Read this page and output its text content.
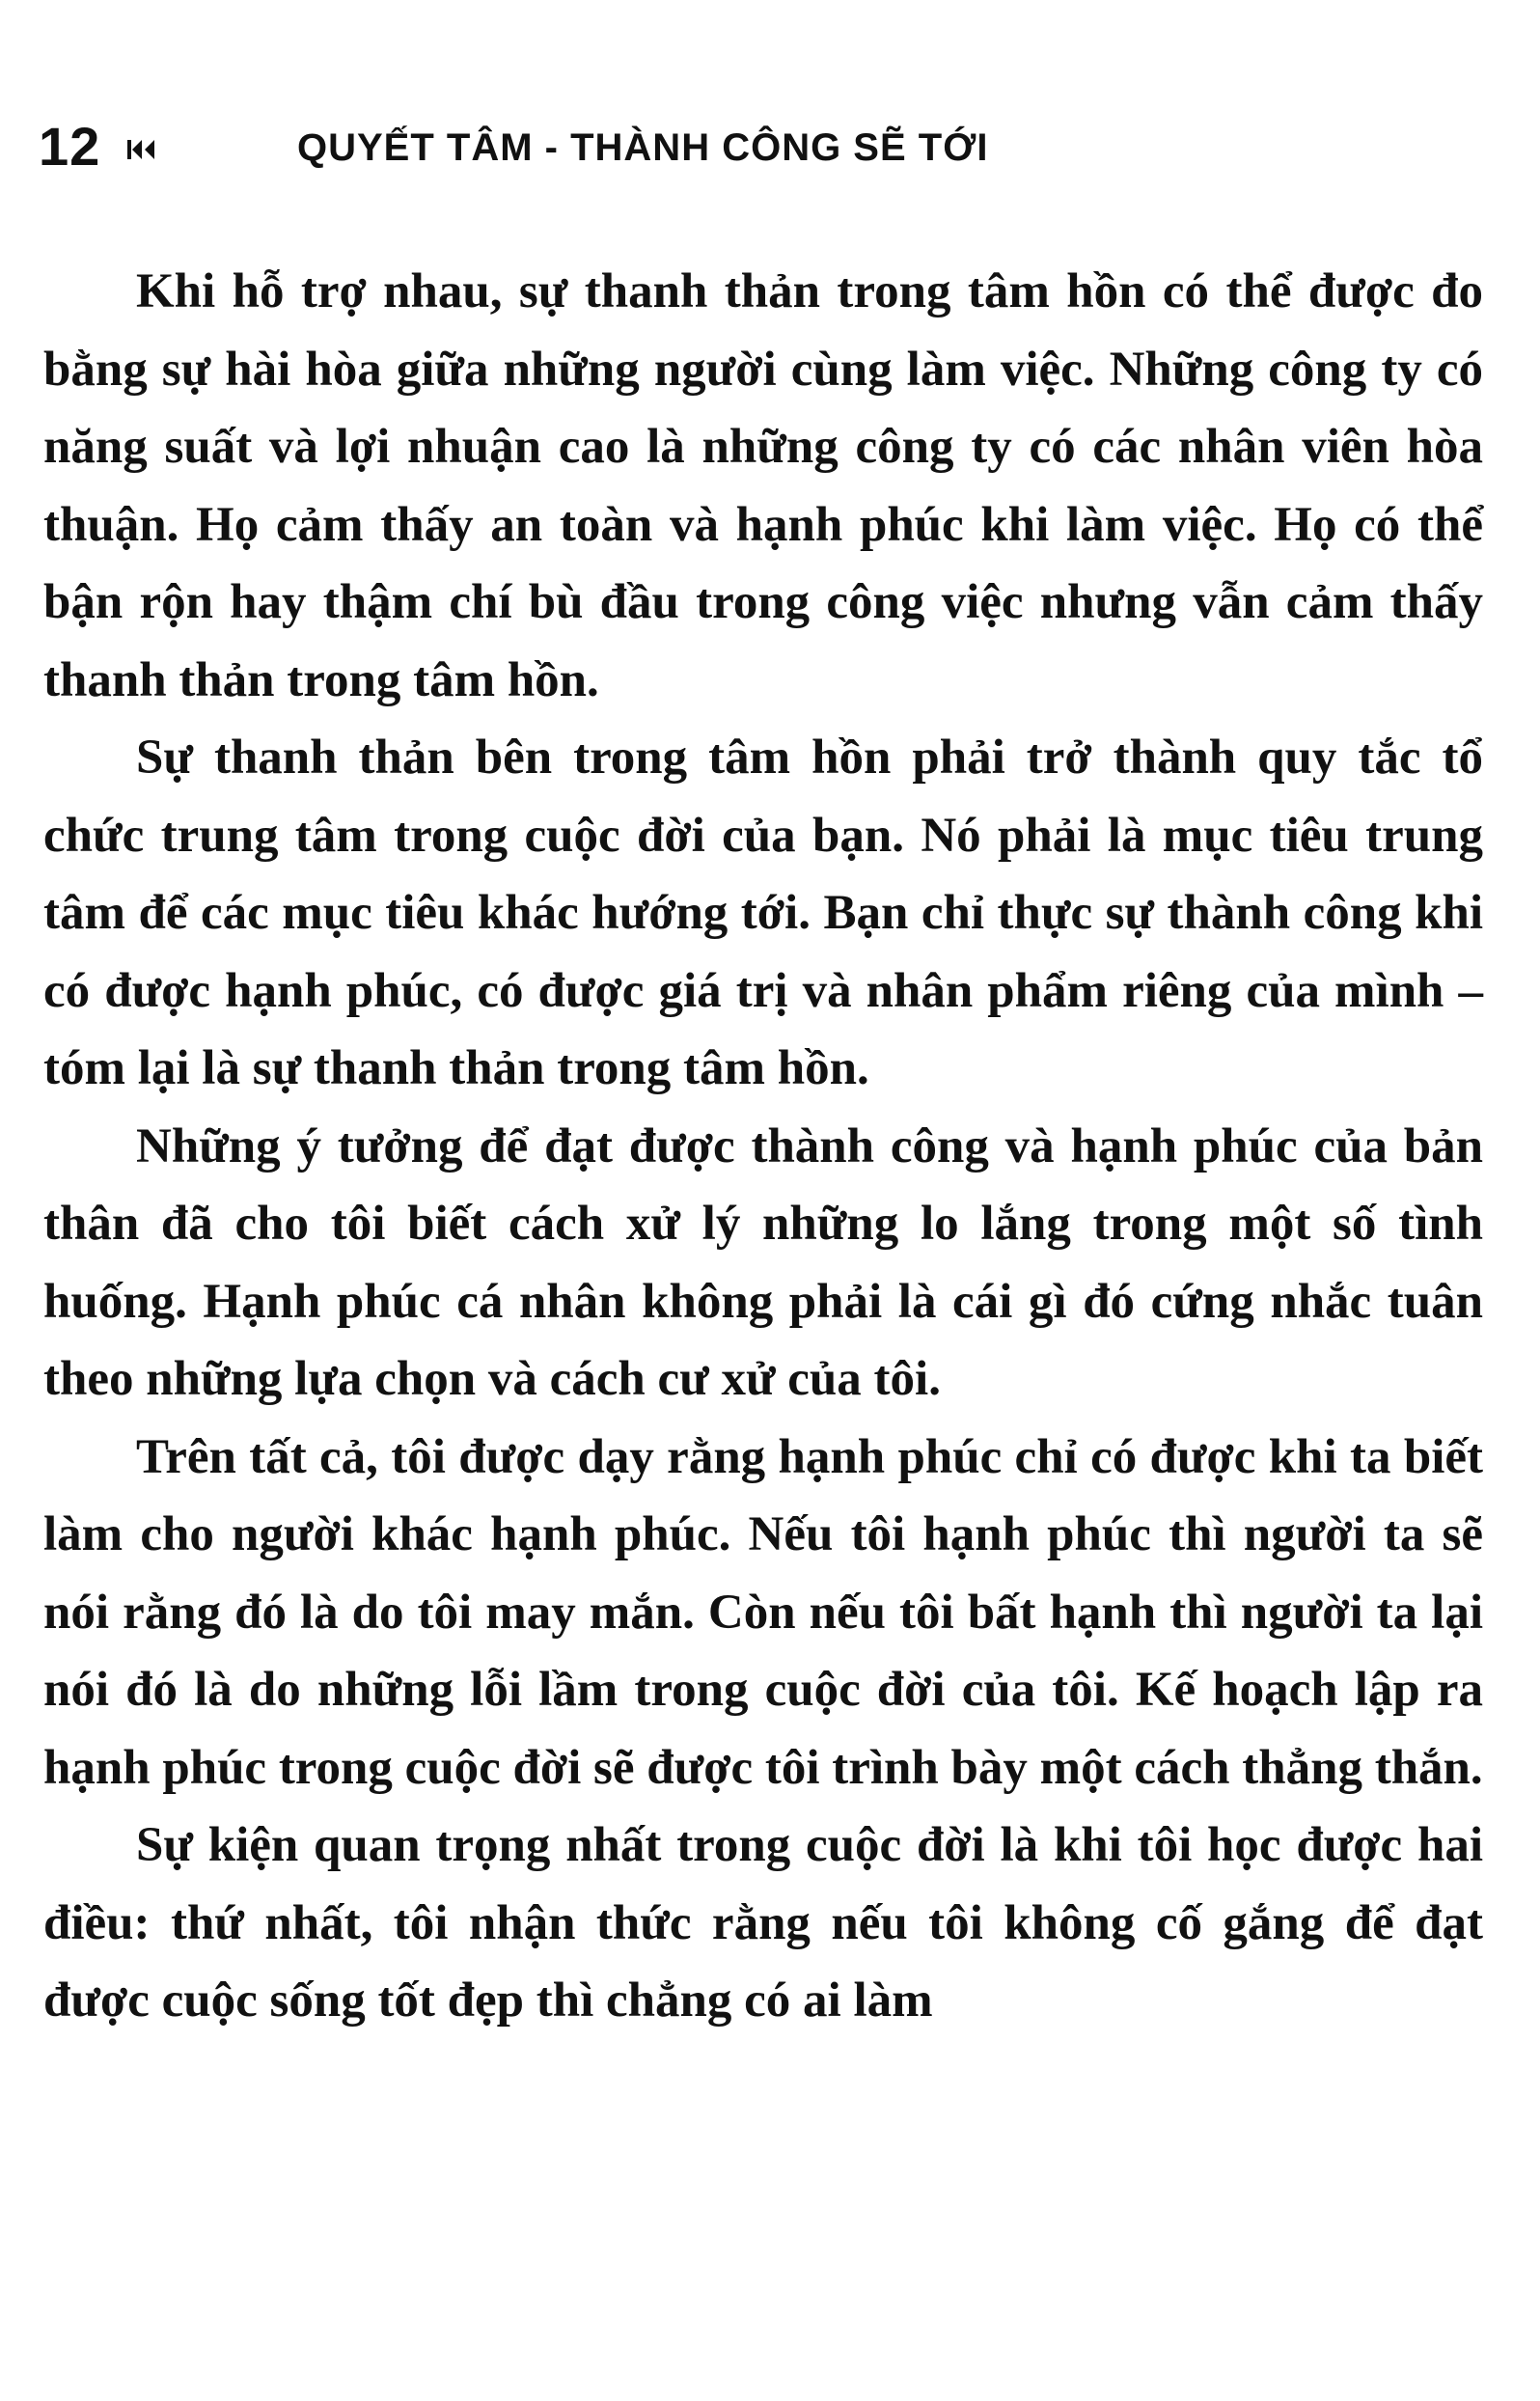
12	QUYẾT TÂM - THÀNH CÔNG SẼ TỚI

Khi hỗ trợ nhau, sự thanh thản trong tâm hồn có thể được đo bằng sự hài hòa giữa những người cùng làm việc. Những công ty có năng suất và lợi nhuận cao là những công ty có các nhân viên hòa thuận. Họ cảm thấy an toàn và hạnh phúc khi làm việc. Họ có thể bận rộn hay thậm chí bù đầu trong công việc nhưng vẫn cảm thấy thanh thản trong tâm hồn.

Sự thanh thản bên trong tâm hồn phải trở thành quy tắc tổ chức trung tâm trong cuộc đời của bạn. Nó phải là mục tiêu trung tâm để các mục tiêu khác hướng tới. Bạn chỉ thực sự thành công khi có được hạnh phúc, có được giá trị và nhân phẩm riêng của mình – tóm lại là sự thanh thản trong tâm hồn.

Những ý tưởng để đạt được thành công và hạnh phúc của bản thân đã cho tôi biết cách xử lý những lo lắng trong một số tình huống. Hạnh phúc cá nhân không phải là cái gì đó cứng nhắc tuân theo những lựa chọn và cách cư xử của tôi.

Trên tất cả, tôi được dạy rằng hạnh phúc chỉ có được khi ta biết làm cho người khác hạnh phúc. Nếu tôi hạnh phúc thì người ta sẽ nói rằng đó là do tôi may mắn. Còn nếu tôi bất hạnh thì người ta lại nói đó là do những lỗi lầm trong cuộc đời của tôi. Kế hoạch lập ra hạnh phúc trong cuộc đời sẽ được tôi trình bày một cách thẳng thắn.

Sự kiện quan trọng nhất trong cuộc đời là khi tôi học được hai điều: thứ nhất, tôi nhận thức rằng nếu tôi không cố gắng để đạt được cuộc sống tốt đẹp thì chẳng có ai làm
